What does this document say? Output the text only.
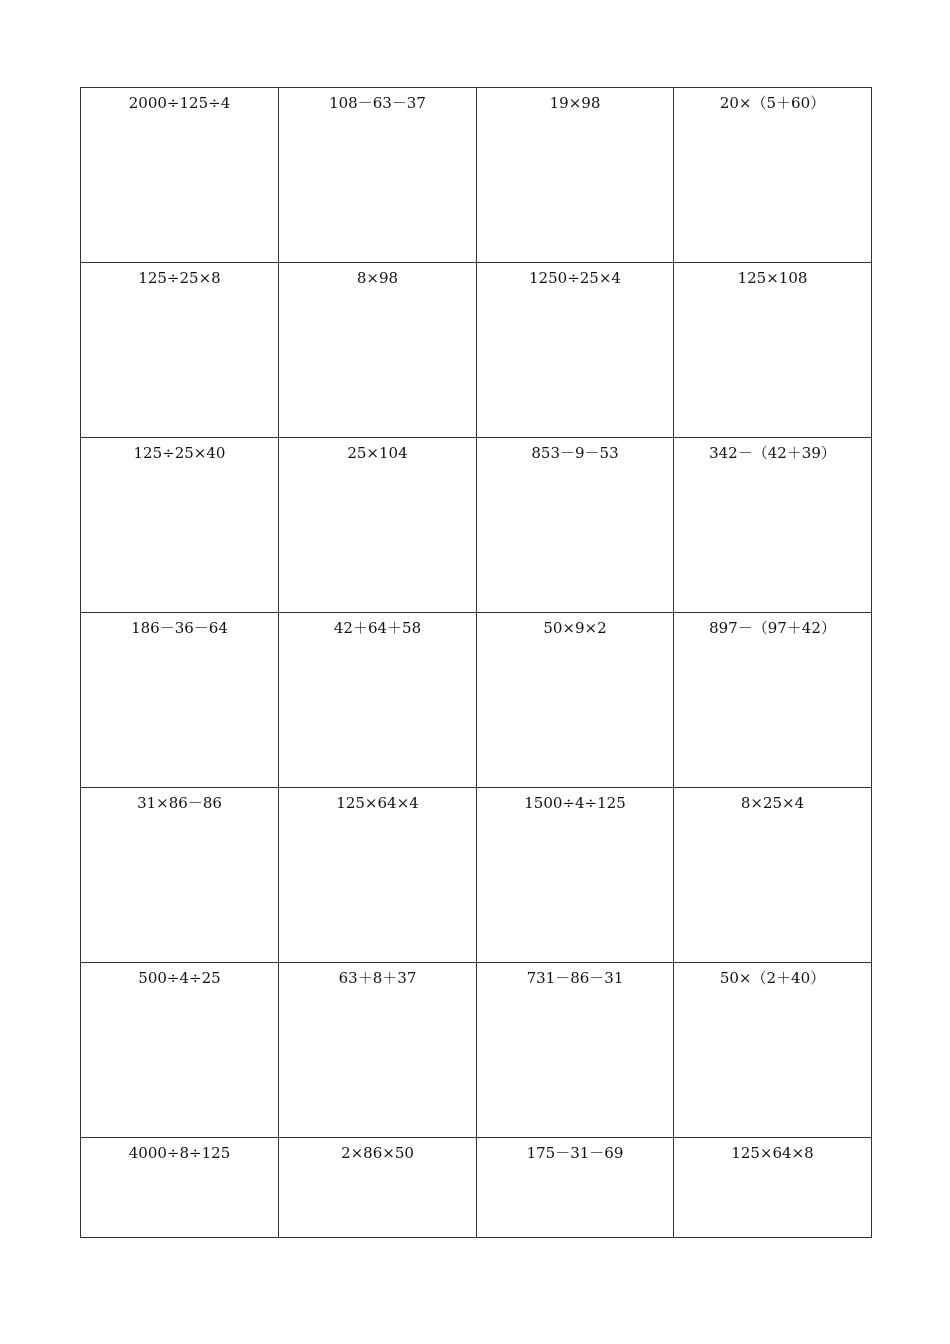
2000÷125÷4	108－63－37	19×98	20×（5＋60）
125÷25×8	8×98	1250÷25×4	125×108
125÷25×40	25×104	853－9－53	342－（42＋39）
186－36－64	42＋64＋58	50×9×2	897－（97＋42）
31×86－86	125×64×4	1500÷4÷125	8×25×4
500÷4÷25	63＋8＋37	731－86－31	50×（2＋40）
4000÷8÷125	2×86×50	175－31－69	125×64×8
